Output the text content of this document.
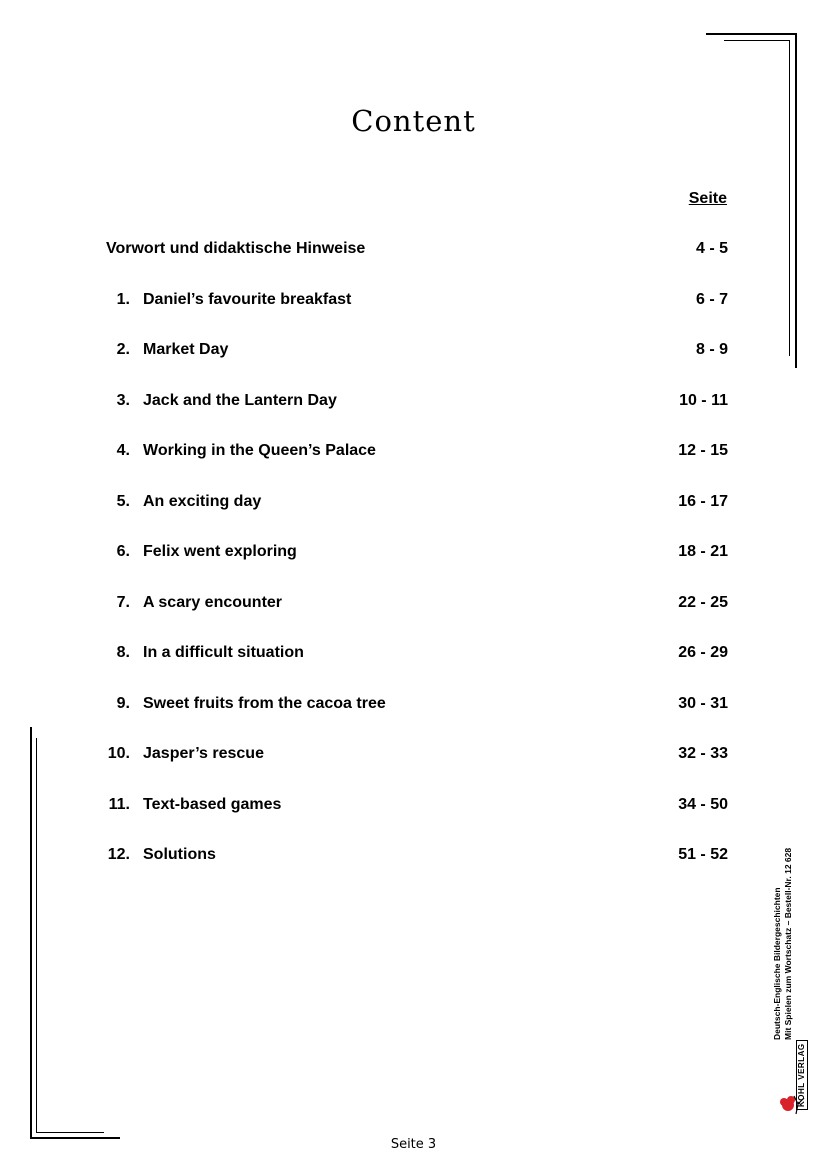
Content
Seite
Vorwort und didaktische Hinweise	4 - 5
1. Daniel’s favourite breakfast	6 - 7
2. Market Day	8 - 9
3. Jack and the Lantern Day	10 - 11
4. Working in the Queen’s Palace	12 - 15
5. An exciting day	16 - 17
6. Felix went exploring	18 - 21
7. A scary encounter	22 - 25
8. In a difficult situation	26 - 29
9. Sweet fruits from the cacoa tree	30 - 31
10. Jasper’s rescue	32 - 33
11. Text-based games	34 - 50
12. Solutions	51 - 52
Seite 3
Deutsch-Englische Bildergeschichten Mit Spielen zum Wortschatz – Bestell-Nr. 12 628
KOHL VERLAG
